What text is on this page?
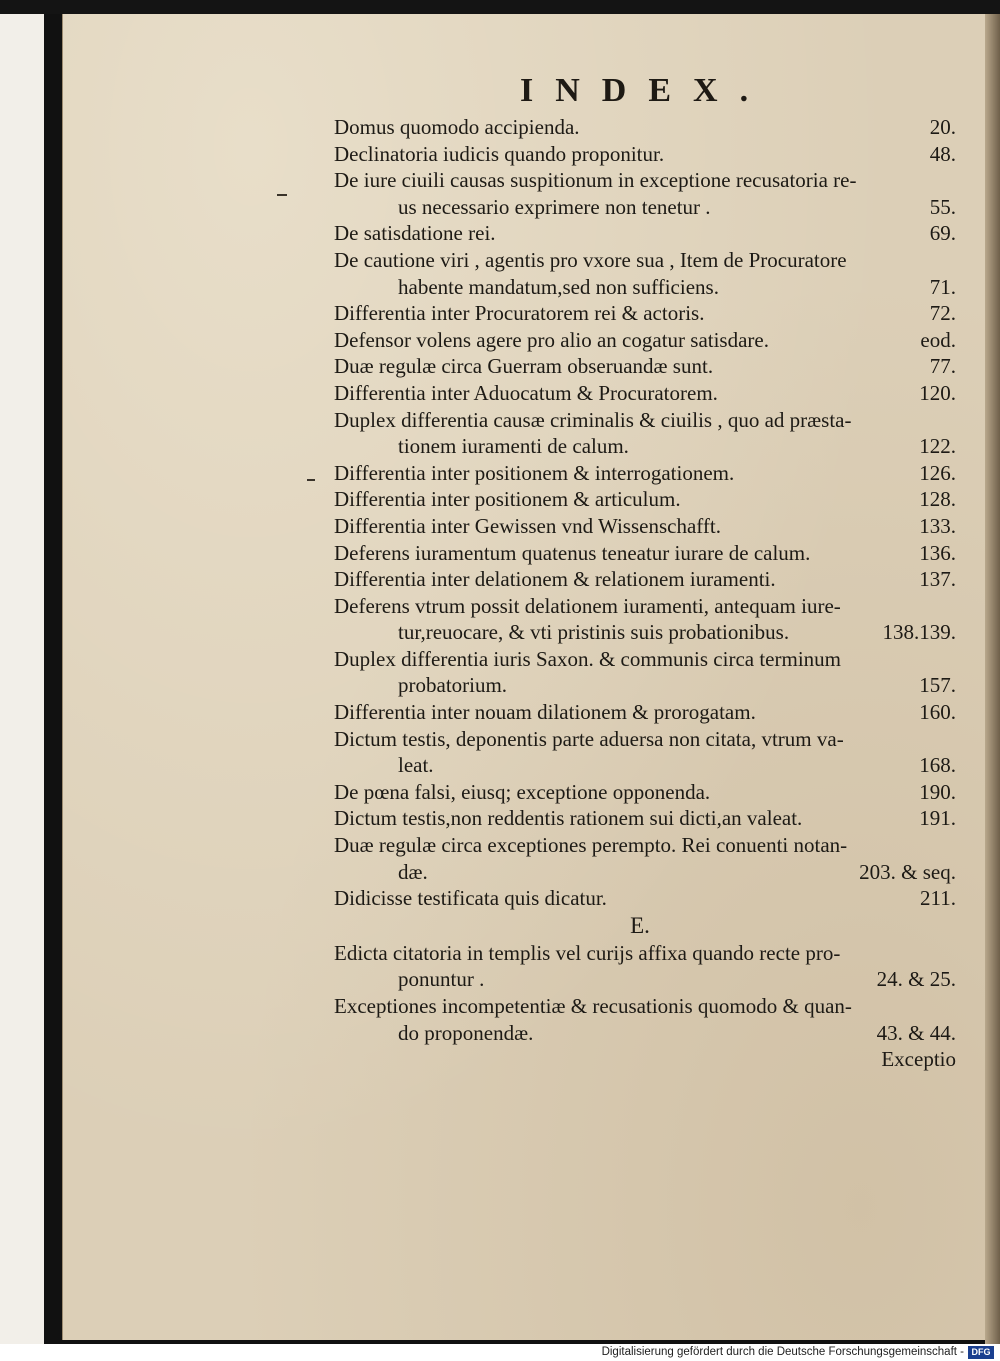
INDEX.
Domus quomodo accipienda.	20.
Declinatoria iudicis quando proponitur.	48.
De iure ciuili causas suspitionum in exceptione recusatoria re-
us necessario exprimere non tenetur .	55.
De satisdatione rei.	69.
De cautione viri , agentis pro vxore sua , Item de Procuratore
habente mandatum,sed non sufficiens.	71.
Differentia inter Procuratorem rei & actoris.	72.
Defensor volens agere pro alio an cogatur satisdare.	eod.
Duæ regulæ circa Guerram obseruandæ sunt.	77.
Differentia inter Aduocatum & Procuratorem.	120.
Duplex differentia causæ criminalis & ciuilis , quo ad præsta-
tionem iuramenti de calum.	122.
Differentia inter positionem & interrogationem.	126.
Differentia inter positionem & articulum.	128.
Differentia inter Gewissen vnd Wissenschafft.	133.
Deferens iuramentum quatenus teneatur iurare de calum.	136.
Differentia inter delationem & relationem iuramenti.	137.
Deferens vtrum possit delationem iuramenti, antequam iure-
tur,reuocare, & vti pristinis suis probationibus.	138.139.
Duplex differentia iuris Saxon. & communis circa terminum
probatorium.	157.
Differentia inter nouam dilationem & prorogatam.	160.
Dictum testis, deponentis parte aduersa non citata, vtrum va-
leat.	168.
De pœna falsi, eiusq; exceptione opponenda.	190.
Dictum testis,non reddentis rationem sui dicti,an valeat.	191.
Duæ regulæ circa exceptiones perempto. Rei conuenti notan-
dæ.	203. & seq.
Didicisse testificata quis dicatur.	211.
E.
Edicta citatoria in templis vel curijs affixa quando recte pro-
ponuntur .	24. & 25.
Exceptiones incompetentiæ & recusationis quomodo & quan-
do proponendæ.	43. & 44.
Exceptio
Digitalisierung gefördert durch die Deutsche Forschungsgemeinschaft - DFG
